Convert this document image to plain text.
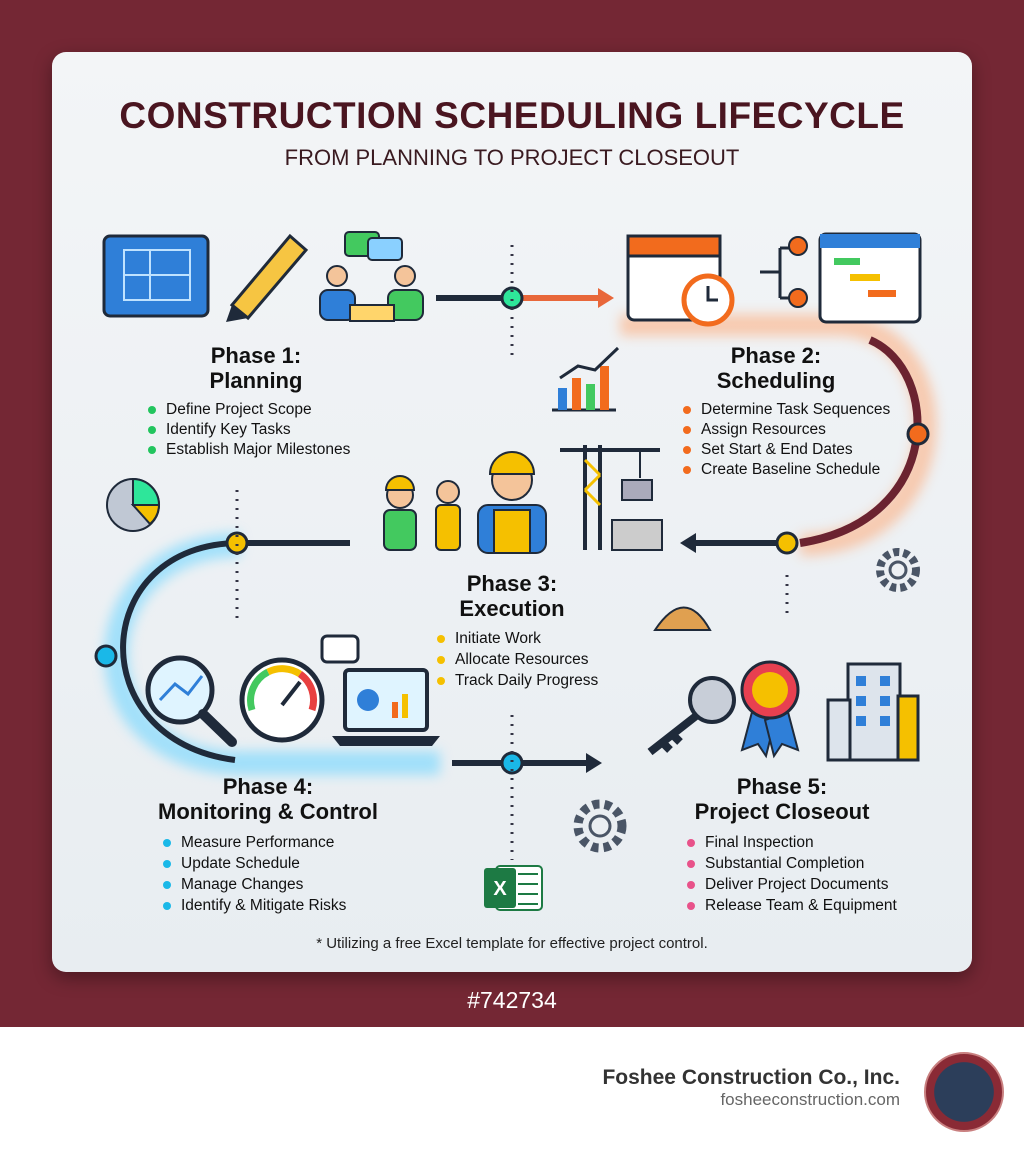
X
CONSTRUCTION SCHEDULING LIFECYCLE
FROM PLANNING TO PROJECT CLOSEOUT
Phase 1:
Planning
Define Project Scope
Identify Key Tasks
Establish Major Milestones
Phase 2:
Scheduling
Determine Task Sequences
Assign Resources
Set Start & End Dates
Create Baseline Schedule
Phase 3:
Execution
Initiate Work
Allocate Resources
Track Daily Progress
Phase 4:
Monitoring & Control
Measure Performance
Update Schedule
Manage Changes
Identify & Mitigate Risks
Phase 5:
Project Closeout
Final Inspection
Substantial Completion
Deliver Project Documents
Release Team & Equipment
* Utilizing a free Excel template for effective project control.
#742734
Foshee Construction Co., Inc.
fosheeconstruction.com
